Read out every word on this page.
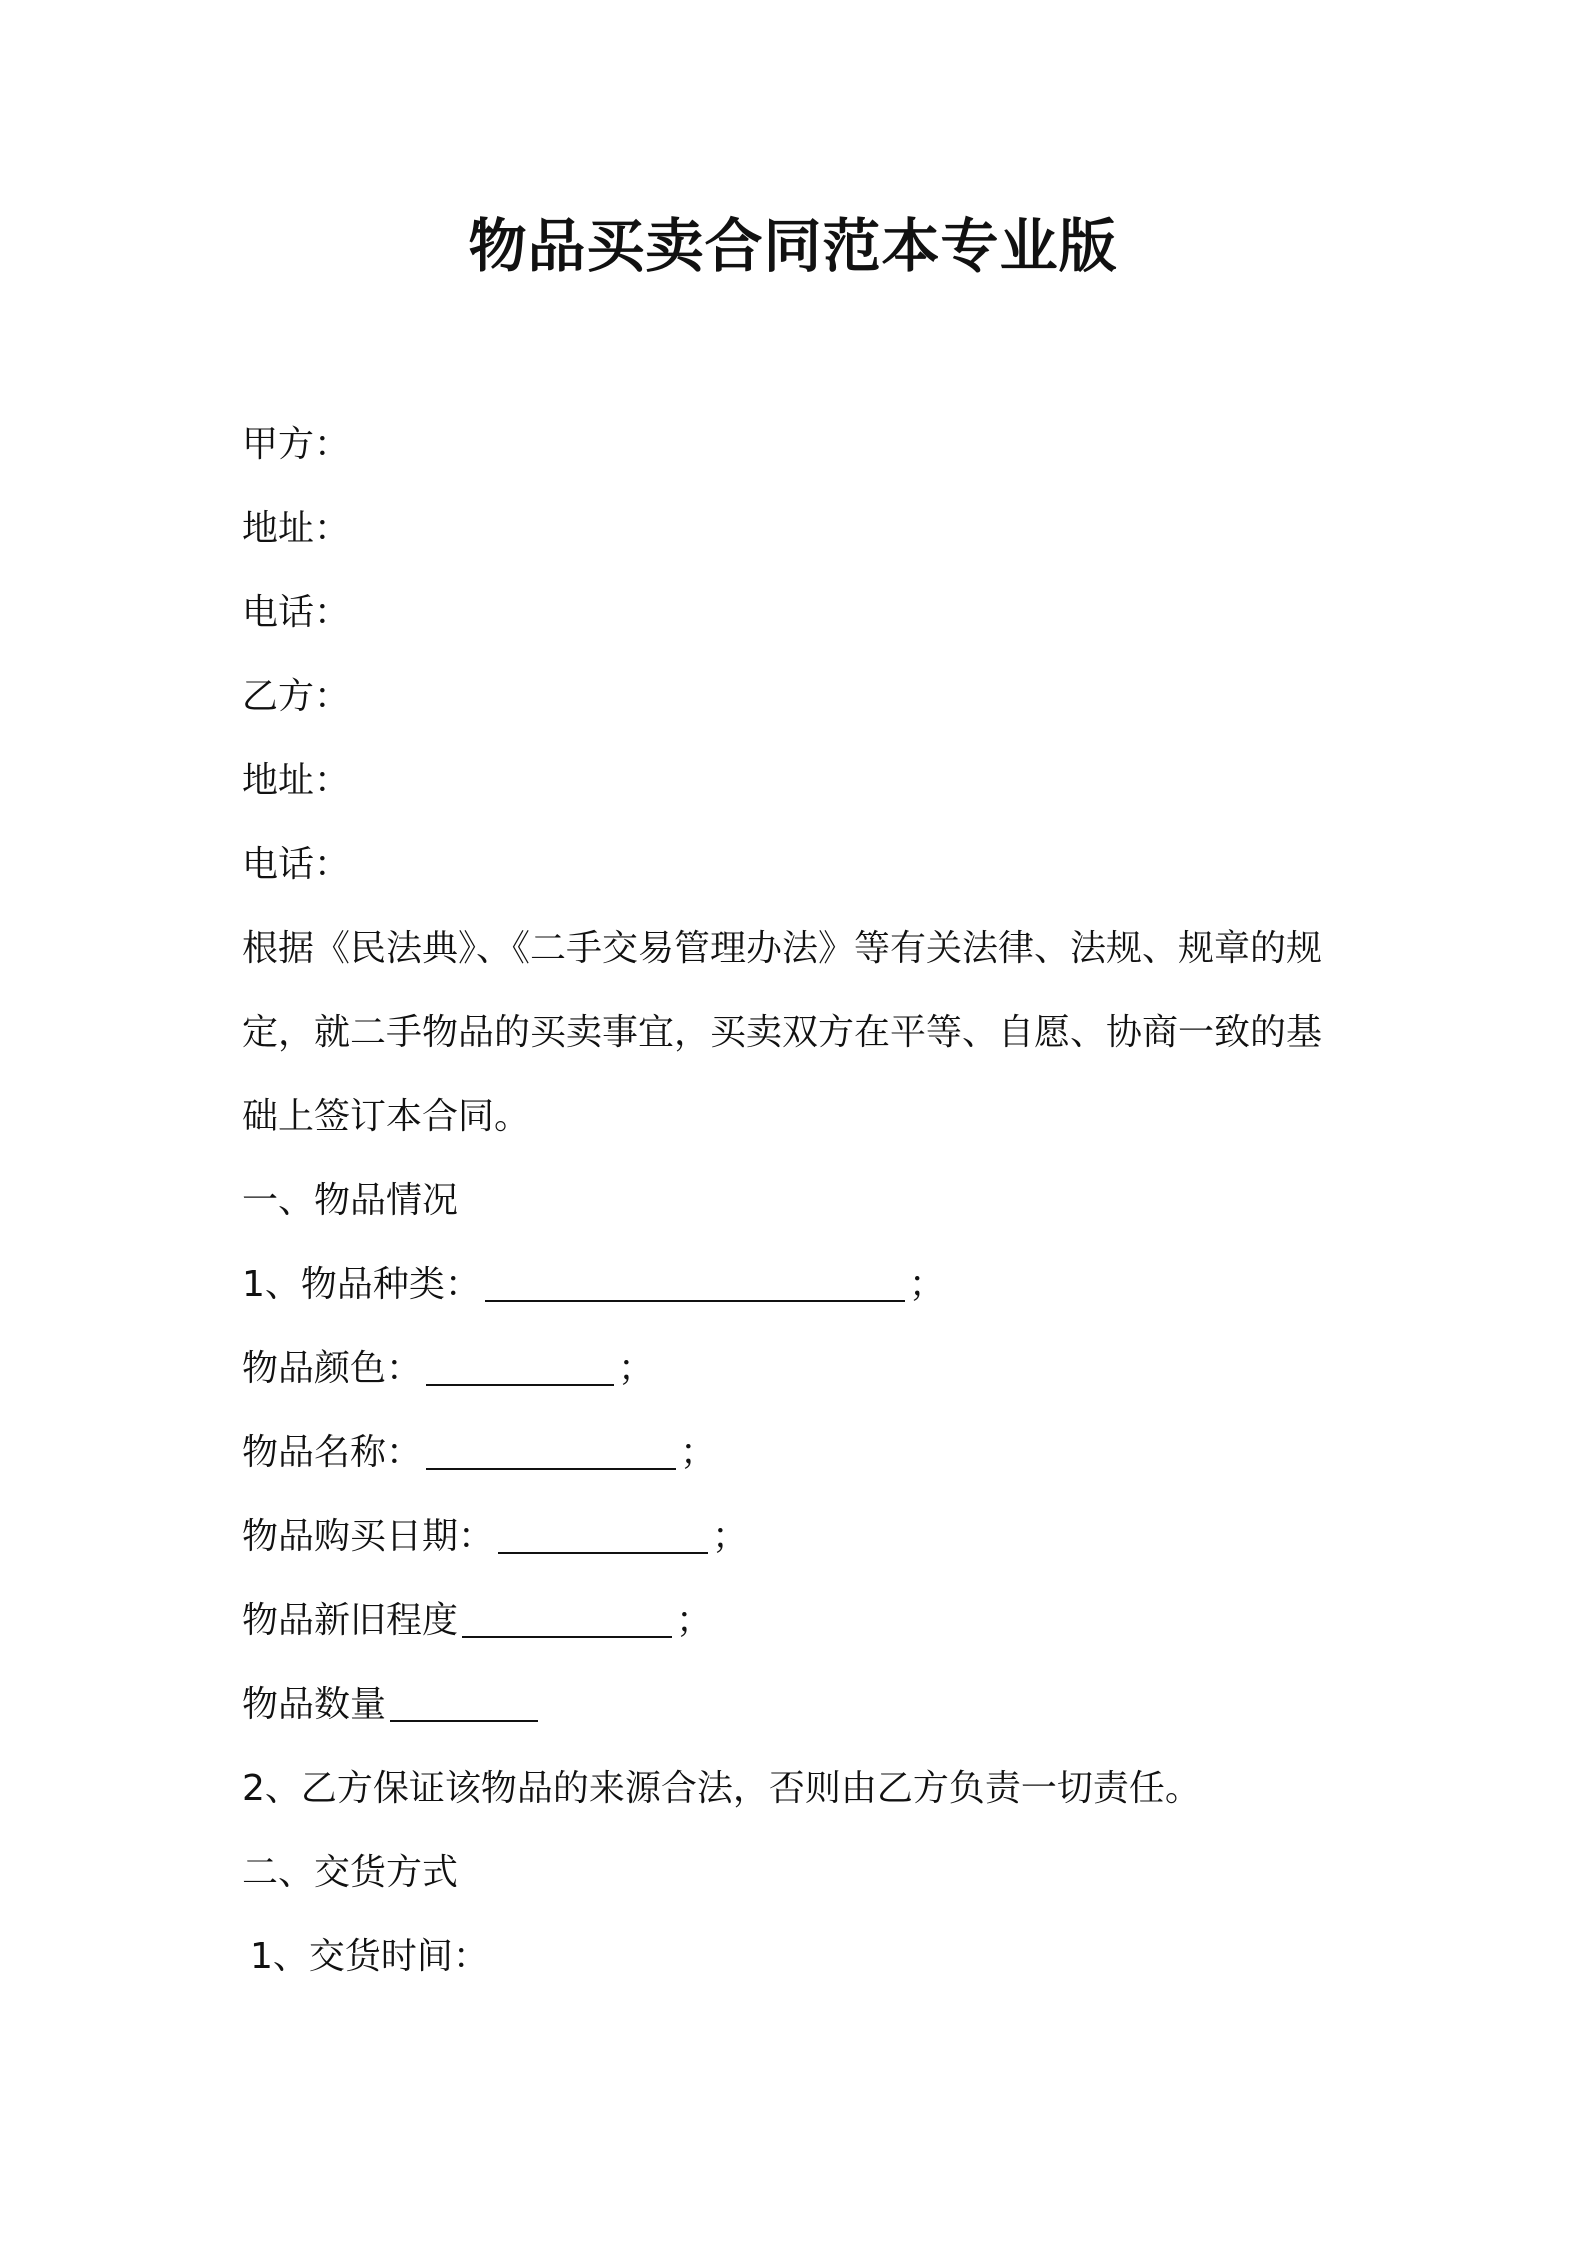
物品买卖合同范本专业版
甲方：
地址：
电话：
乙方：
地址：
电话：
根据《民法典》、《二手交易管理办法》等有关法律、法规、规章的规
定，就二手物品的买卖事宜，买卖双方在平等、自愿、协商一致的基
础上签订本合同。
一、物品情况
1、物品种类：	；
物品颜色：	；
物品名称：	；
物品购买日期：	；
物品新旧程度	；
物品数量
2、乙方保证该物品的来源合法，否则由乙方负责一切责任。
二、交货方式
1、交货时间：
